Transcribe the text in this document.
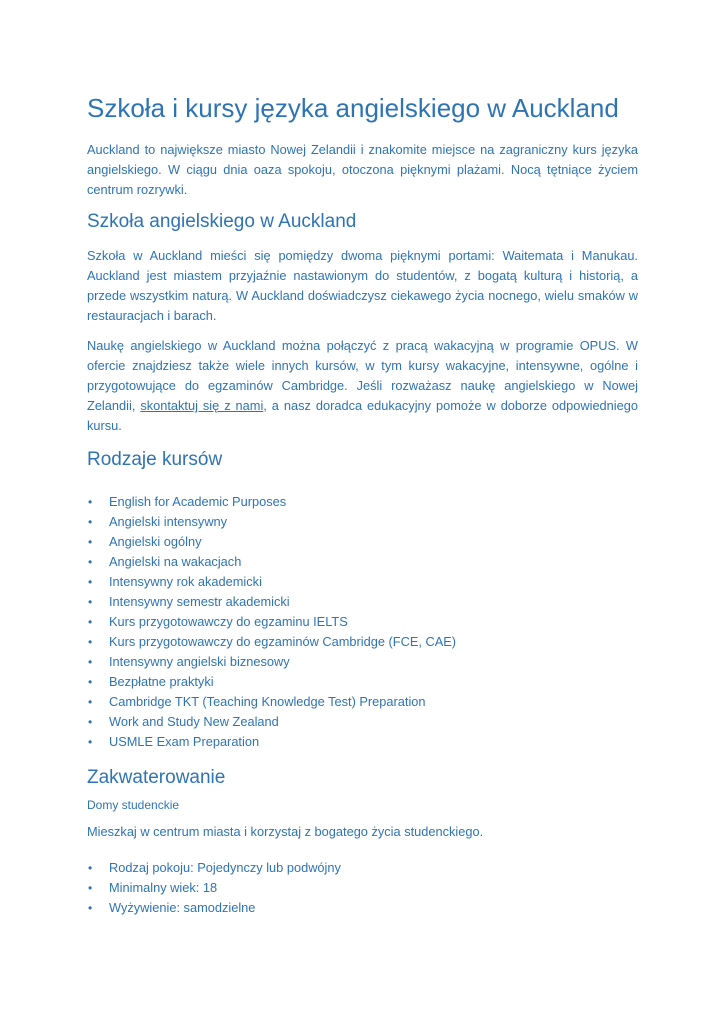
Szkoła i kursy języka angielskiego w Auckland

Auckland to największe miasto Nowej Zelandii i znakomite miejsce na zagraniczny kurs języka angielskiego. W ciągu dnia oaza spokoju, otoczona pięknymi plażami. Nocą tętniące życiem centrum rozrywki.

Szkoła angielskiego w Auckland

Szkoła w Auckland mieści się pomiędzy dwoma pięknymi portami: Waitemata i Manukau. Auckland jest miastem przyjaźnie nastawionym do studentów, z bogatą kulturą i historią, a przede wszystkim naturą. W Auckland doświadczysz ciekawego życia nocnego, wielu smaków w restauracjach i barach.

Naukę angielskiego w Auckland można połączyć z pracą wakacyjną w programie OPUS. W ofercie znajdziesz także wiele innych kursów, w tym kursy wakacyjne, intensywne, ogólne i przygotowujące do egzaminów Cambridge. Jeśli rozważasz naukę angielskiego w Nowej Zelandii, skontaktuj się z nami, a nasz doradca edukacyjny pomoże w doborze odpowiedniego kursu.

Rodzaje kursów
• English for Academic Purposes
• Angielski intensywny
• Angielski ogólny
• Angielski na wakacjach
• Intensywny rok akademicki
• Intensywny semestr akademicki
• Kurs przygotowawczy do egzaminu IELTS
• Kurs przygotowawczy do egzaminów Cambridge (FCE, CAE)
• Intensywny angielski biznesowy
• Bezpłatne praktyki
• Cambridge TKT (Teaching Knowledge Test) Preparation
• Work and Study New Zealand
• USMLE Exam Preparation
Zakwaterowanie
Domy studenckie

Mieszkaj w centrum miasta i korzystaj z bogatego życia studenckiego.

• Rodzaj pokoju: Pojedynczy lub podwójny
• Minimalny wiek: 18
• Wyżywienie: samodzielne
